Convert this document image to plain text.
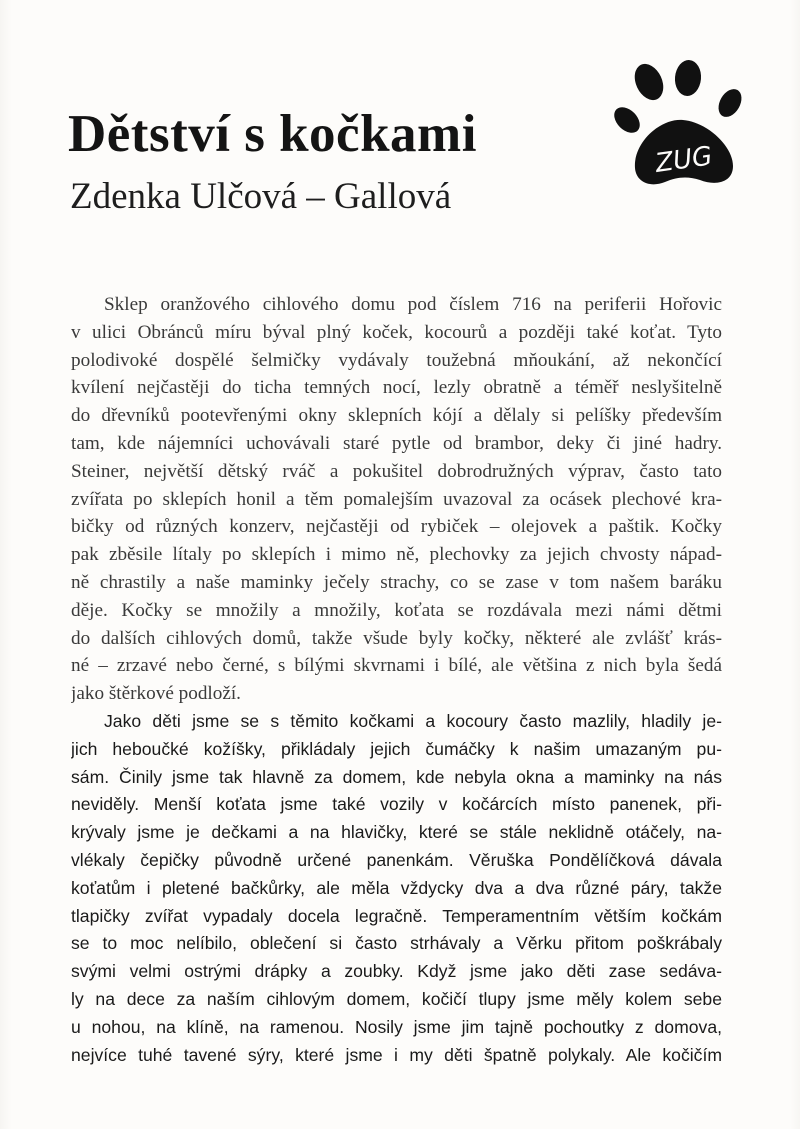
Dětství s kočkami
Zdenka Ulčová – Gallová
ZUG
Sklep oranžového cihlového domu pod číslem 716 na periferii Hořovic
v ulici Obránců míru býval plný koček, kocourů a později také koťat. Tyto
polodivoké dospělé šelmičky vydávaly toužebná mňoukání, až nekončící
kvílení nejčastěji do ticha temných nocí, lezly obratně a téměř neslyšitelně
do dřevníků pootevřenými okny sklepních kójí a dělaly si pelíšky především
tam, kde nájemníci uchovávali staré pytle od brambor, deky či jiné hadry.
Steiner, největší dětský rváč a pokušitel dobrodružných výprav, často tato
zvířata po sklepích honil a těm pomalejším uvazoval za ocásek plechové kra-
bičky od různých konzerv, nejčastěji od rybiček – olejovek a paštik. Kočky
pak zběsile lítaly po sklepích i mimo ně, plechovky za jejich chvosty nápad-
ně chrastily a naše maminky ječely strachy, co se zase v tom našem baráku
děje. Kočky se množily a množily, koťata se rozdávala mezi námi dětmi
do dalších cihlových domů, takže všude byly kočky, některé ale zvlášť krás-
né – zrzavé nebo černé, s bílými skvrnami i bílé, ale většina z nich byla šedá
jako štěrkové podloží.
Jako děti jsme se s těmito kočkami a kocoury často mazlily, hladily je-
jich heboučké kožíšky, přikládaly jejich čumáčky k našim umazaným pu-
sám. Činily jsme tak hlavně za domem, kde nebyla okna a maminky na nás
neviděly. Menší koťata jsme také vozily v kočárcích místo panenek, při-
krývaly jsme je dečkami a na hlavičky, které se stále neklidně otáčely, na-
vlékaly čepičky původně určené panenkám. Věruška Pondělíčková dávala
koťatům i pletené bačkůrky, ale měla vždycky dva a dva různé páry, takže
tlapičky zvířat vypadaly docela legračně. Temperamentním větším kočkám
se to moc nelíbilo, oblečení si často strhávaly a Věrku přitom poškrábaly
svými velmi ostrými drápky a zoubky. Když jsme jako děti zase sedáva-
ly na dece za naším cihlovým domem, kočičí tlupy jsme měly kolem sebe
u nohou, na klíně, na ramenou. Nosily jsme jim tajně pochoutky z domova,
nejvíce tuhé tavené sýry, které jsme i my děti špatně polykaly. Ale kočičím
